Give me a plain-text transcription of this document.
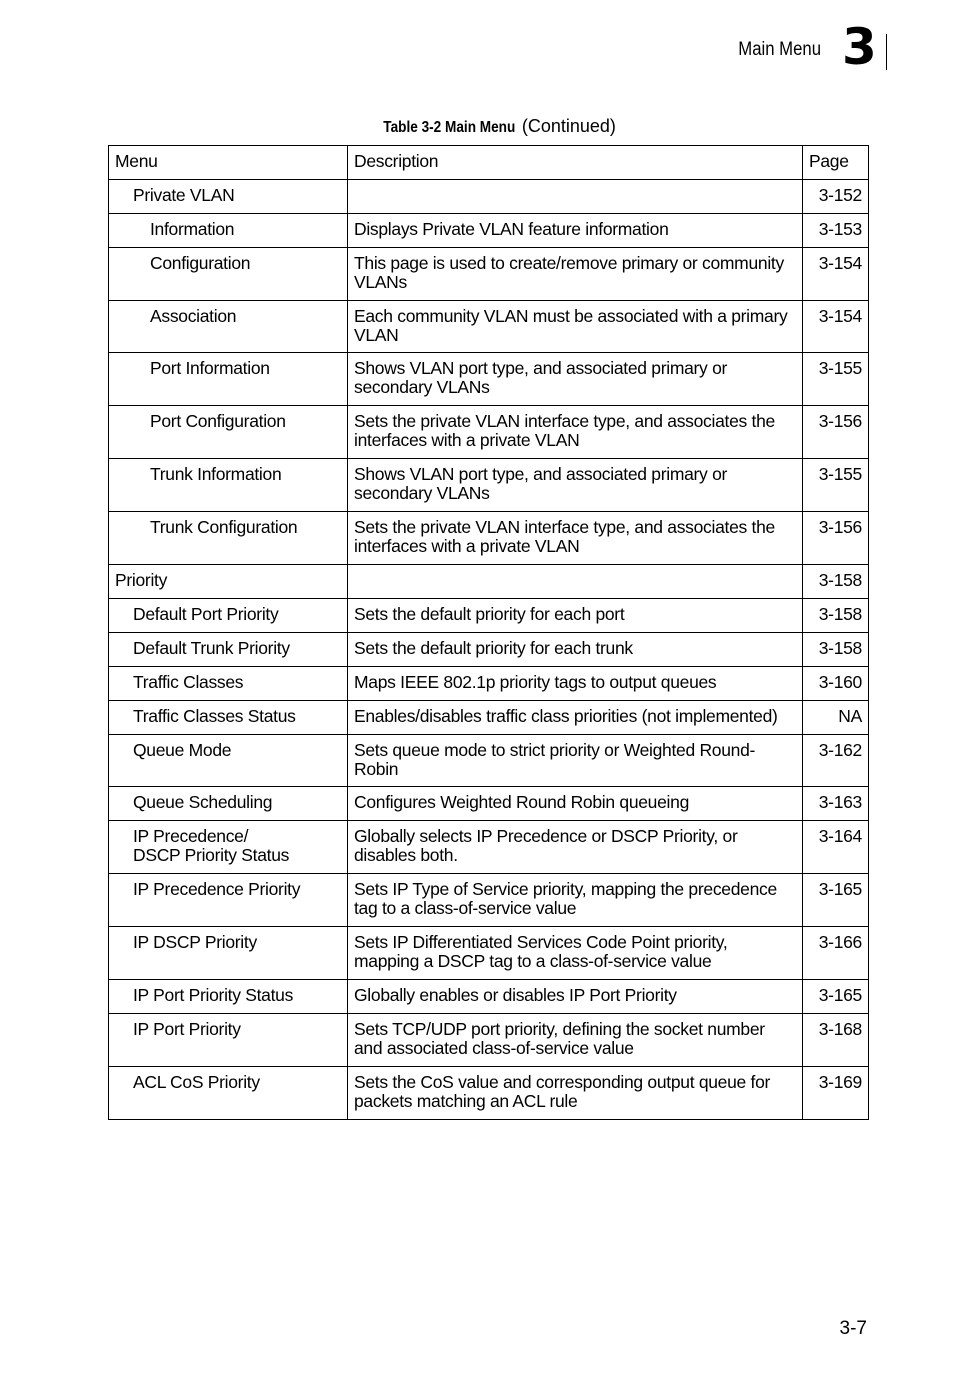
Main Menu 3
Table 3-2 Main Menu (Continued)
Menu	Description	Page
Private VLAN		3-152
Information	Displays Private VLAN feature information	3-153
Configuration	This page is used to create/remove primary or community VLANs	3-154
Association	Each community VLAN must be associated with a primary VLAN	3-154
Port Information	Shows VLAN port type, and associated primary or secondary VLANs	3-155
Port Configuration	Sets the private VLAN interface type, and associates the interfaces with a private VLAN	3-156
Trunk Information	Shows VLAN port type, and associated primary or secondary VLANs	3-155
Trunk Configuration	Sets the private VLAN interface type, and associates the interfaces with a private VLAN	3-156
Priority		3-158
Default Port Priority	Sets the default priority for each port	3-158
Default Trunk Priority	Sets the default priority for each trunk	3-158
Traffic Classes	Maps IEEE 802.1p priority tags to output queues	3-160
Traffic Classes Status	Enables/disables traffic class priorities (not implemented)	NA
Queue Mode	Sets queue mode to strict priority or Weighted Round-Robin	3-162
Queue Scheduling	Configures Weighted Round Robin queueing	3-163
IP Precedence/
DSCP Priority Status	Globally selects IP Precedence or DSCP Priority, or disables both.	3-164
IP Precedence Priority	Sets IP Type of Service priority, mapping the precedence tag to a class-of-service value	3-165
IP DSCP Priority	Sets IP Differentiated Services Code Point priority, mapping a DSCP tag to a class-of-service value	3-166
IP Port Priority Status	Globally enables or disables IP Port Priority	3-165
IP Port Priority	Sets TCP/UDP port priority, defining the socket number and associated class-of-service value	3-168
ACL CoS Priority	Sets the CoS value and corresponding output queue for packets matching an ACL rule	3-169
3-7
